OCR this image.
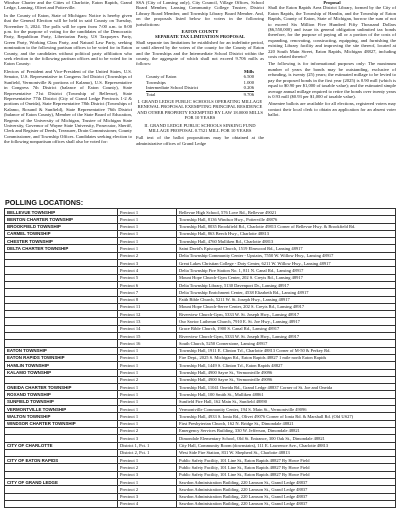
Windsor Charter and the Cities of Charlotte, Eaton Rapids, Grand Ledge, Lansing, Olivet and Potterville.

In the County of Eaton, State of Michigan: Notice is hereby given that the General Election will be held in said County on Tuesday, November 5, 2024. The polls will be open from 7:00 a.m. to 8:00 p.m. for the purpose of voting for the candidates of the Democratic Party, Republican Party, Libertarian Party, US Taxpayers Party, Green Party, Working Class Party, and Natural Law Party, seeking nomination to the following partisan offices to be voted for in Eaton County, and the candidates without political party affiliation who seek election to the following partisan offices and to be voted for in Eaton County:

Electors of President and Vice-President of the United States, U.S. Senator, U.S. Representative in Congress 3rd District (Townships of Sunfield, Vermontville & portions of Kalamo), U.S. Representative in Congress 7th District (balance of Eaton County), State Representative 71st District (Township of Bellevue), State Representative 77th District (City of Grand Ledge Precincts 1-2 & portions of Oneida), State Representative 78th District (Townships of Kalamo, Roxand & Sunfield), State Representative 76th District (balance of Eaton County), Member of the State Board of Education, Regents of the University of Michigan, Trustee of Michigan State University, Governor of Wayne State University, Prosecutor, Sheriff, Clerk and Register of Deeds, Treasurer, Drain Commissioner, County Commissioner, and Township Offices. Candidates seeking election to the following nonpartisan offices shall also be voted for:

SSA (City of Lansing only), City Council, Village Offices, School Board Member, Lansing Community College Trustee, District Library Board Member, and Township Library Board Member. And, on the proposals listed below for voters in the following jurisdictions:

EATON COUNTY
SEPARATE TAX LIMITATION PROPOSAL

Shall separate tax limitations be established for an indefinite period, or until altered by the voters of the county for the County of Eaton and the Townships and the Intermediate School District within the county, the aggregate of which shall not exceed 9.706 mills as follows:

Mills
County of Eaton	6.500
Townships	1.000
Intermediate School District	0.206
Total	9.706

I. GRAND LEDGE PUBLIC SCHOOLS OPERATING MILLAGE RENEWAL PROPOSAL EXEMPTING PRINCIPAL RESIDENCE AND OTHER PROPERTY EXEMPTED BY LAW 18.0000 MILLS FOR 10 YEARS

II. GRAND LEDGE PUBLIC SCHOOLS SINKING FUND MILLAGE PROPOSAL 0.7521 MILL FOR 10 YEARS

Full text of the ballot propositions may be obtained at the administrative offices of Grand Ledge

Proposal

Shall the Eaton Rapids Area District Library, formed by the City of Eaton Rapids, the Township of Hamlin, and the Township of Eaton Rapids, County of Eaton, State of Michigan, borrow the sum of not to exceed Six Million Five Hundred Fifty Thousand Dollars ($6,550,000) and issue its general obligation unlimited tax bonds therefore, for the purpose of paying all or a portion of the costs of expanding, renovating, constructing, equipping, and furnishing the existing Library facility and improving the site thereof, located at 220 South Main Street, Eaton Rapids, Michigan 48827, including costs related thereto?

The following is for informational purposes only: The maximum number of years the bonds may be outstanding, exclusive of refunding, is twenty (25) years; the estimated millage to be levied to pay the proposed bonds in the first year (2025) is 0.90 mill (which is equal to $0.90 per $1,000 of taxable value); and the estimated simple average annual millage required to retire the bonds over twenty years is 0.93 mill ($0.93 per $1,000 of taxable value).

Absentee ballots are available for all elections, registered voters may contact their local clerk to obtain an application for an absent voter ballot.

POLLING LOCATIONS:
BELLEVUE TOWNSHIP	Precinct 1	Bellevue High School, 576 Love Rd., Bellevue 49021
BENTON CHARTER TOWNSHIP	Precinct 1	Township Hall, 8136 Windsor Hwy., Potterville 48876
BROOKFIELD TOWNSHIP	Precinct 1	Township Hall, 8035 Brookfield Rd., Charlotte 49813 Corner of Bellevue Hwy. & Brookfield Rd.
CARMEL TOWNSHIP	Precinct 1	Township Hall, 863 Beech Hwy., Charlotte 48813
CHESTER TOWNSHIP	Precinct 1	Township Hall, 4760 Mulliken Rd., Charlotte 48813
DELTA CHARTER TOWNSHIP	Precinct 1	Saint David's Episcopal Church, 1519 Elmwood Rd., Lansing 48917
	Precinct 2	Delta Township Community Center - Upstairs, 7550 W. Willow Hwy., Lansing 48917
	Precinct 3	Great Lakes Christian College - Doty Center, 6211 W. Willow Hwy., Lansing 48917
	Precinct 4	Delta Township Fire Station No. 1, 811 N. Canal Rd., Lansing 48917
	Precinct 5	Mount Hope Church-Gym Center, 202 S. Creyts Rd., Lansing 48917
	Precinct 6	Delta Township Library, 5130 Davenport Dr., Lansing 48917
	Precinct 7	Delta Township Enrichment Center, 4538 Elizabeth Rd., Lansing 48917
	Precinct 8	Faith Bible Church, 5211 W. St. Joseph Hwy., Lansing 48917
	Precinct 11	Mount Hope Church-Serve Center, 202 S. Creyts Rd., Lansing 48917
	Precinct 12	Riverview Church-Gym, 5333 W. St. Joseph Hwy., Lansing 48917
	Precinct 13	Our Savior Lutheran Church, 7910 E. St. Joe Hwy., Lansing 48917
	Precinct 14	Grace Bible Church, 1900 S. Canal Rd., Lansing 48917
	Precinct 15	Riverview Church-Gym, 5333 W. St. Joseph Hwy., Lansing 48917
	Precinct 16	South Church, 5250 Cornerstone, Lansing 48917
EATON TOWNSHIP	Precinct 1	Township Hall, 1911 E. Clinton Trl., Charlotte 48813 Corner of M-50 & Perkey Rd.
EATON RAPIDS TOWNSHIP	Precinct 1	Fire Dept., 2025 S. Michigan Rd., Eaton Rapids 48827 1 mile north Eaton Rapids
HAMLIN TOWNSHIP	Precinct 1	Township Hall, 1449 S. Clinton Trl., Eaton Rapids 48827
KALAMO TOWNSHIP	Precinct 1	Township Hall, 4900 Sayre St., Vermontville 49096
	Precinct 2	Township Hall, 4900 Sayre St., Vermontville 49096
ONEIDA CHARTER TOWNSHIP	Precinct 1	Township Hall, 11041 Oneida Rd., Grand Ledge 48837 Corner of St. Joe and Oneida
ROXAND TOWNSHIP	Precinct 1	Township Hall, 100 Smith St., Mulliken 48861
SUNFIELD TOWNSHIP	Precinct 1	Sunfield Fire Hall, 162 Main St., Sunfield 48890
VERMONTVILLE TOWNSHIP	Precinct 1	Vermontville Community Center, 194 S. Main St., Vermontville 49096
WALTON TOWNSHIP	Precinct 1	Township Hall, 4933 S. Ionia Rd., Olivet 49076 Corner of Ionia Rd. & Marshall Rd. (Old US27)
WINDSOR CHARTER TOWNSHIP	Precinct 1	First Presbyterian Church, 162 N. Bridge St., Dimondale 48821
	Precinct 2	Emergency Services Building, 330 W. Jefferson, Dimondale 48821
	Precinct 3	Dimondale Elementary School, Old St. Entrance, 300 Oak St., Dimondale 48821
CITY OF CHARLOTTE	District 1, Pct. 1	City Hall, Community Room (downstairs), 111 E. Lawrence Ave., Charlotte 48813
	District 2, Pct. 1	West Side Fire Station, 831 W. Shepherd St., Charlotte 48813
CITY OF EATON RAPIDS	Precinct 1	Public Safety Facility, 101 Line St., Eaton Rapids 48827 By Howe Field
	Precinct 2	Public Safety Facility, 101 Line St., Eaton Rapids 48827 By Howe Field
	Precinct 3	Public Safety Facility, 101 Line St., Eaton Rapids 48827 By Howe Field
CITY OF GRAND LEDGE	Precinct 1	Sawdon Administration Building, 220 Lamson St., Grand Ledge 48837
	Precinct 2	Sawdon Administration Building, 220 Lamson St., Grand Ledge 48837
	Precinct 3	Sawdon Administration Building, 220 Lamson St., Grand Ledge 48837
	Precinct 4	Sawdon Administration Building, 220 Lamson St., Grand Ledge 48837
